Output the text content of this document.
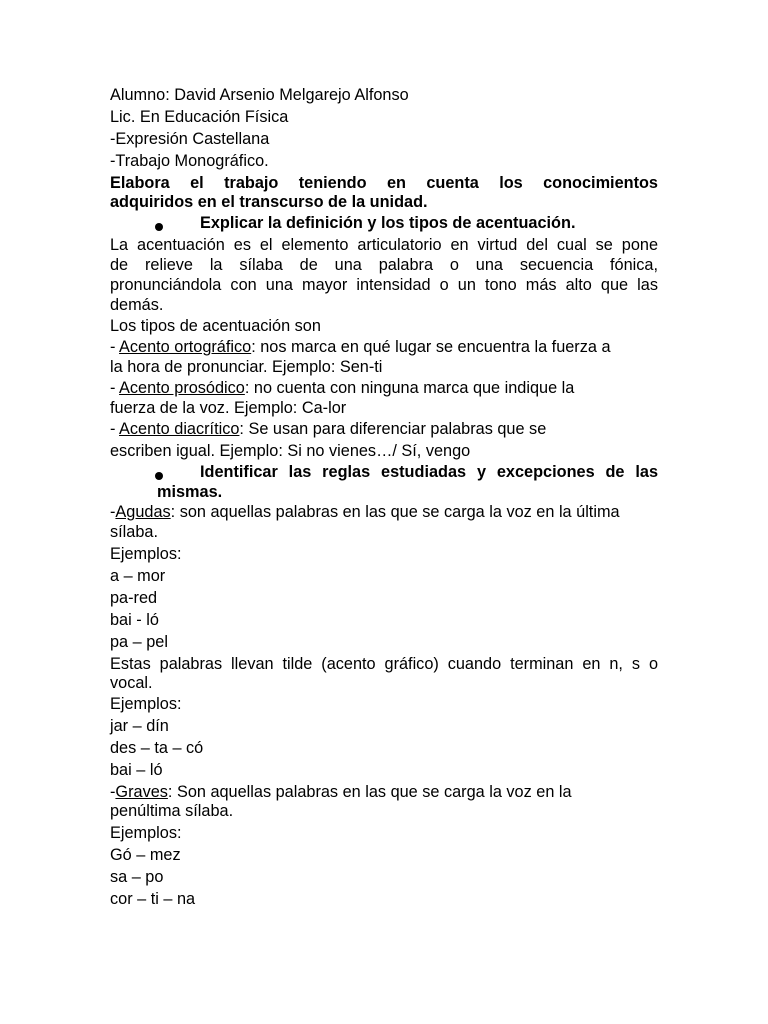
Alumno: David Arsenio Melgarejo Alfonso
Lic. En Educación Física
-Expresión Castellana
-Trabajo Monográfico.
Elabora el trabajo teniendo en cuenta los conocimientos
adquiridos en el transcurso de la unidad.
Explicar la definición y los tipos de acentuación.
La acentuación es el elemento articulatorio en virtud del cual se pone
de relieve la sílaba de una palabra o una secuencia fónica,
pronunciándola con una mayor intensidad o un tono más alto que las
demás.
Los tipos de acentuación son
- Acento ortográfico: nos marca en qué lugar se encuentra la fuerza a
la hora de pronunciar. Ejemplo: Sen-ti
- Acento prosódico: no cuenta con ninguna marca que indique la
fuerza de la voz. Ejemplo: Ca-lor
- Acento diacrítico: Se usan para diferenciar palabras que se
escriben igual. Ejemplo: Si no vienes…/ Sí, vengo
Identificar las reglas estudiadas y excepciones de las
mismas.
-Agudas: son aquellas palabras en las que se carga la voz en la última
sílaba.
Ejemplos:
a – mor
pa-red
bai - ló
pa – pel
Estas palabras llevan tilde (acento gráfico) cuando terminan en n, s o
vocal.
Ejemplos:
jar – dín
des – ta – có
bai – ló
-Graves: Son aquellas palabras en las que se carga la voz en la
penúltima sílaba.
Ejemplos:
Gó – mez
sa – po
cor – ti – na
